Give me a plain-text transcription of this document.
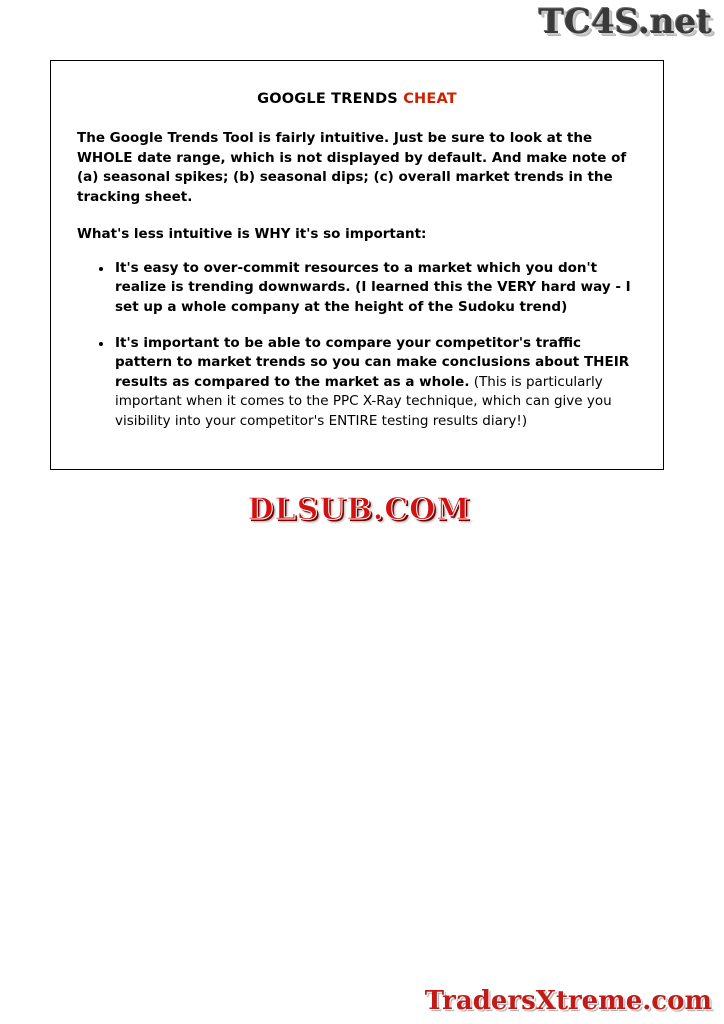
TC4S.net
GOOGLE TRENDS CHEAT

The Google Trends Tool is fairly intuitive. Just be sure to look at the WHOLE date range, which is not displayed by default. And make note of (a) seasonal spikes; (b) seasonal dips; (c) overall market trends in the tracking sheet.

What's less intuitive is WHY it's so important:

It's easy to over-commit resources to a market which you don't realize is trending downwards. (I learned this the VERY hard way - I set up a whole company at the height of the Sudoku trend)
It's important to be able to compare your competitor's traffic pattern to market trends so you can make conclusions about THEIR results as compared to the market as a whole. (This is particularly important when it comes to the PPC X-Ray technique, which can give you visibility into your competitor's ENTIRE testing results diary!)
DLSUB.COM
TradersXtreme.com
